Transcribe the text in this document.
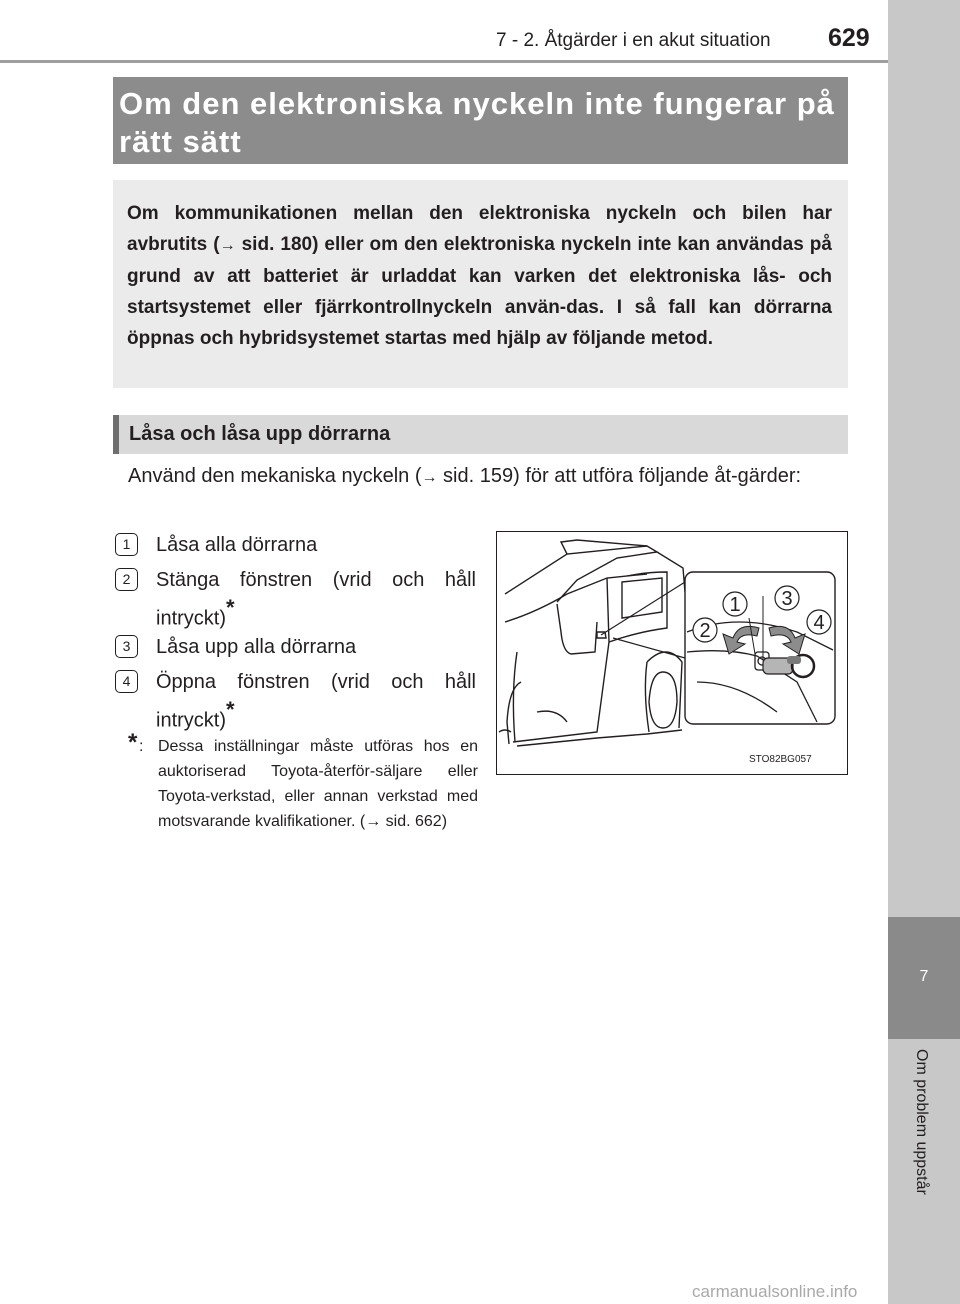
7 - 2. Åtgärder i en akut situation 629
7
Om problem uppstår
Om den elektroniska nyckeln inte fungerar på rätt sätt
Om kommunikationen mellan den elektroniska nyckeln och bilen har avbrutits (→ sid. 180) eller om den elektroniska nyckeln inte kan användas på grund av att batteriet är urladdat kan varken det elektroniska lås- och startsystemet eller fjärrkontrollnyckeln använ-das. I så fall kan dörrarna öppnas och hybridsystemet startas med hjälp av följande metod.
Låsa och låsa upp dörrarna
Använd den mekaniska nyckeln (→ sid. 159) för att utföra följande åt-gärder:
1	Låsa alla dörrarna
2	Stänga fönstren (vrid och håll intryckt)*
3	Låsa upp alla dörrarna
4	Öppna fönstren (vrid och håll intryckt)*
* : Dessa inställningar måste utföras hos en auktoriserad Toyota-återför-säljare eller Toyota-verkstad, eller annan verkstad med motsvarande kvalifikationer. (→ sid. 662)
1
2
3
4
STO82BG057
carmanualsonline.info
